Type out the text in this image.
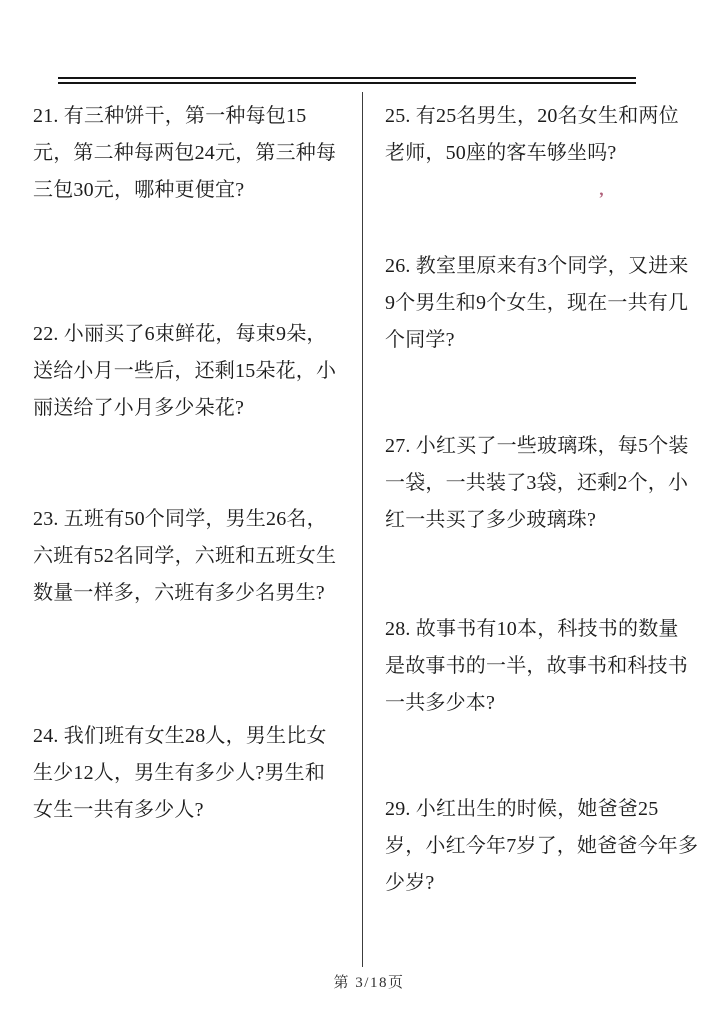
21. 有三种饼干，第一种每包15
元，第二种每两包24元，第三种每
三包30元，哪种更便宜?
22. 小丽买了6束鲜花，每束9朵，
送给小月一些后，还剩15朵花，小
丽送给了小月多少朵花?
23. 五班有50个同学，男生26名，
六班有52名同学，六班和五班女生
数量一样多，六班有多少名男生?
24. 我们班有女生28人，男生比女
生少12人，男生有多少人?男生和
女生一共有多少人?
25. 有25名男生，20名女生和两位
老师，50座的客车够坐吗?
26. 教室里原来有3个同学，又进来
9个男生和9个女生，现在一共有几
个同学?
27. 小红买了一些玻璃珠，每5个装
一袋，一共装了3袋，还剩2个，小
红一共买了多少玻璃珠?
28. 故事书有10本，科技书的数量
是故事书的一半，故事书和科技书
一共多少本?
29. 小红出生的时候，她爸爸25
岁，小红今年7岁了，她爸爸今年多
少岁?
,
第 3/18页
